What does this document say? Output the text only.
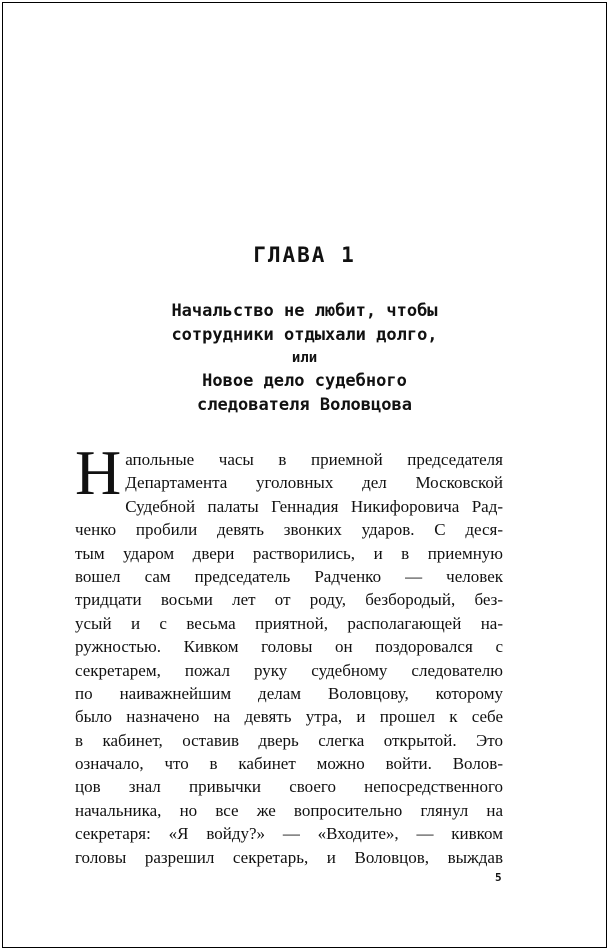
ГЛАВА 1
Начальство не любит, чтобы
сотрудники отдыхали долго,
или
Новое дело судебного
следователя Воловцова
Н апольные часы в приемной председателя
Департамента уголовных дел Московской
Судебной палаты Геннадия Никифоровича Рад-
ченко пробили девять звонких ударов. С деся-
тым ударом двери растворились, и в приемную
вошел сам председатель Радченко — человек
тридцати восьми лет от роду, безбородый, без-
усый и с весьма приятной, располагающей на-
ружностью. Кивком головы он поздоровался с
секретарем, пожал руку судебному следователю
по наиважнейшим делам Воловцову, которому
было назначено на девять утра, и прошел к себе
в кабинет, оставив дверь слегка открытой. Это
означало, что в кабинет можно войти. Волов-
цов знал привычки своего непосредственного
начальника, но все же вопросительно глянул на
секретаря: «Я войду?» — «Входите», — кивком
головы разрешил секретарь, и Воловцов, выждав
5
